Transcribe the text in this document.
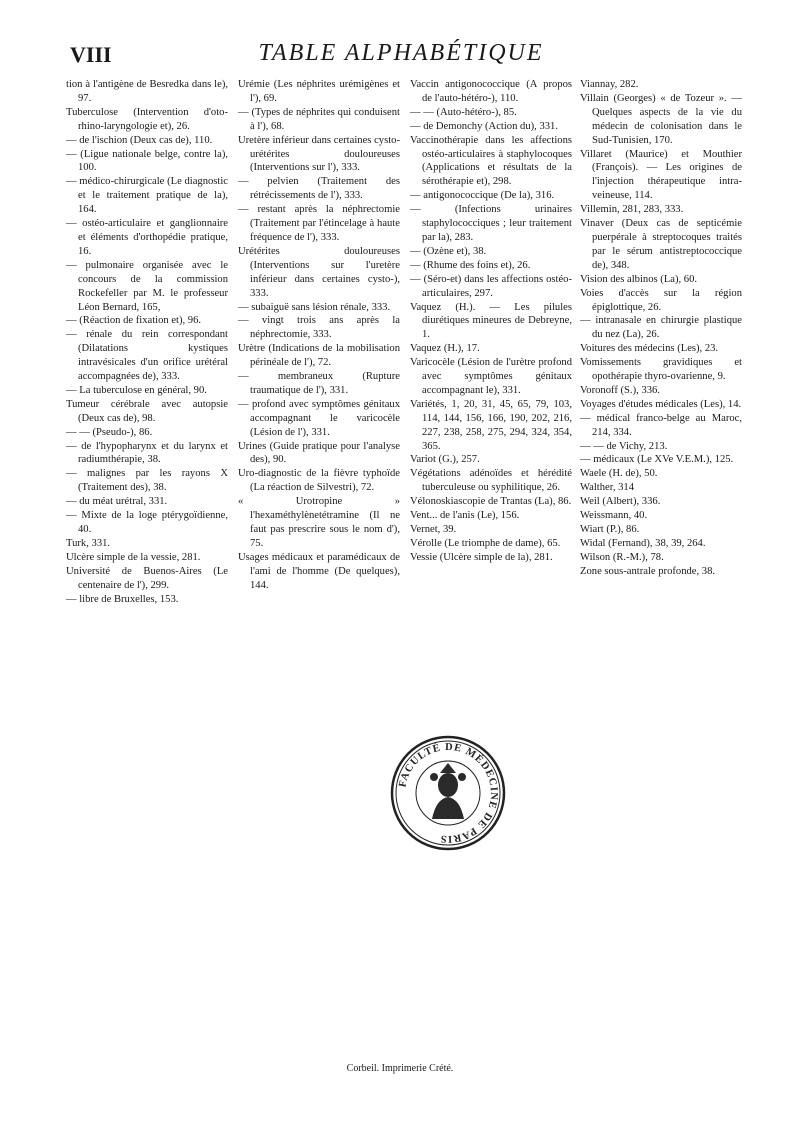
VIII	TABLE ALPHABÉTIQUE

tion à l'antigène de Besredka dans le), 97.

Tuberculose (Intervention d'oto-rhino-laryngologie et), 26.

— de l'ischion (Deux cas de), 110.

— (Ligue nationale belge, contre la), 100.

— médico-chirurgicale (Le diagnostic et le traitement pratique de la), 164.

— ostéo-articulaire et ganglionnaire et éléments d'orthopédie pratique, 16.

— pulmonaire organisée avec le concours de la commission Rockefeller par M. le professeur Léon Bernard, 165,

— (Réaction de fixation et), 96.

— rénale du rein correspondant (Dilatations kystiques intravésicales d'un orifice urétéral accompagnées de), 333.

— La tuberculose en général, 90.

Tumeur cérébrale avec autopsie (Deux cas de), 98.

— — (Pseudo-), 86.

— de l'hypopharynx et du larynx et radiumthérapie, 38.

— malignes par les rayons X (Traitement des), 38.

— du méat urétral, 331.

— Mixte de la loge ptérygoïdienne, 40.

Turk, 331.

Ulcère simple de la vessie, 281.

Université de Buenos-Aires (Le centenaire de l'), 299.

— libre de Bruxelles, 153.

Urémie (Les néphrites urémigènes et l'), 69.

— (Types de néphrites qui conduisent à l'), 68.

Uretère inférieur dans certaines cysto-urétérites douloureuses (Interventions sur l'), 333.

— pelvien (Traitement des rétrécissements de l'), 333.

— restant après la néphrectomie (Traitement par l'étincelage à haute fréquence de l'), 333.

Urétérites douloureuses (Interventions sur l'uretère inférieur dans certaines cysto-), 333.

— subaiguë sans lésion rénale, 333.

— vingt trois ans après la néphrectomie, 333.

Urètre (Indications de la mobilisation périnéale de l'), 72.

— membraneux (Rupture traumatique de l'), 331.

— profond avec symptômes génitaux accompagnant le varicocèle (Lésion de l'), 331.

Urines (Guide pratique pour l'analyse des), 90.

Uro-diagnostic de la fièvre typhoïde (La réaction de Silvestri), 72.

« Urotropine » l'hexaméthylènetétramine (Il ne faut pas prescrire sous le nom d'), 75.

Usages médicaux et paramédicaux de l'ami de l'homme (De quelques), 144.

Vaccin antigonococcique (A propos de l'auto-hétéro-), 110.

— — (Auto-hétéro-), 85.

— de Demonchy (Action du), 331.

Vaccinothérapie dans les affections ostéo-articulaires à staphylocoques (Applications et résultats de la sérothérapie et), 298.

— antigonococcique (De la), 316.

— (Infections urinaires staphylococciques ; leur traitement par la), 283.

— (Ozène et), 38.

— (Rhume des foins et), 26.

— (Séro-et) dans les affections ostéo-articulaires, 297.

Vaquez (H.). — Les pilules diurétiques mineures de Debreyne, 1.

Vaquez (H.), 17.

Varicocèle (Lésion de l'urètre profond avec symptômes génitaux accompagnant le), 331.

Variétés, 1, 20, 31, 45, 65, 79, 103, 114, 144, 156, 166, 190, 202, 216, 227, 238, 258, 275, 294, 324, 354, 365.

Variot (G.), 257.

Végétations adénoïdes et hérédité tuberculeuse ou syphilitique, 26.

Vélonoskiascopie de Trantas (La), 86.

Vent... de l'anis (Le), 156.

Vernet, 39.

Vérolle (Le triomphe de dame), 65.

Vessie (Ulcère simple de la), 281.

Viannay, 282.

Villain (Georges) « de Tozeur ». — Quelques aspects de la vie du médecin de colonisation dans le Sud-Tunisien, 170.

Villaret (Maurice) et Mouthier (François). — Les origines de l'injection thérapeutique intra-veineuse, 114.

Villemin, 281, 283, 333.

Vinaver (Deux cas de septicémie puerpérale à streptocoques traités par le sérum antistreptococcique de), 348.

Vision des albinos (La), 60.

Voies d'accès sur la région épiglottique, 26.

— intranasale en chirurgie plastique du nez (La), 26.

Voitures des médecins (Les), 23.

Vomissements gravidiques et opothérapie thyro-ovarienne, 9.

Voronoff (S.), 336.

Voyages d'études médicales (Les), 14.

— médical franco-belge au Maroc, 214, 334.

— — de Vichy, 213.

— médicaux (Le XVe V.E.M.), 125.

Waele (H. de), 50.

Walther, 314

Weil (Albert), 336.

Weissmann, 40.

Wiart (P.), 86.

Widal (Fernand), 38, 39, 264.

Wilson (R.-M.), 78.

Zone sous-antrale profonde, 38.

FACULTÉ DE MÉDECINE DE PARIS
Corbeil. Imprimerie Crété.
